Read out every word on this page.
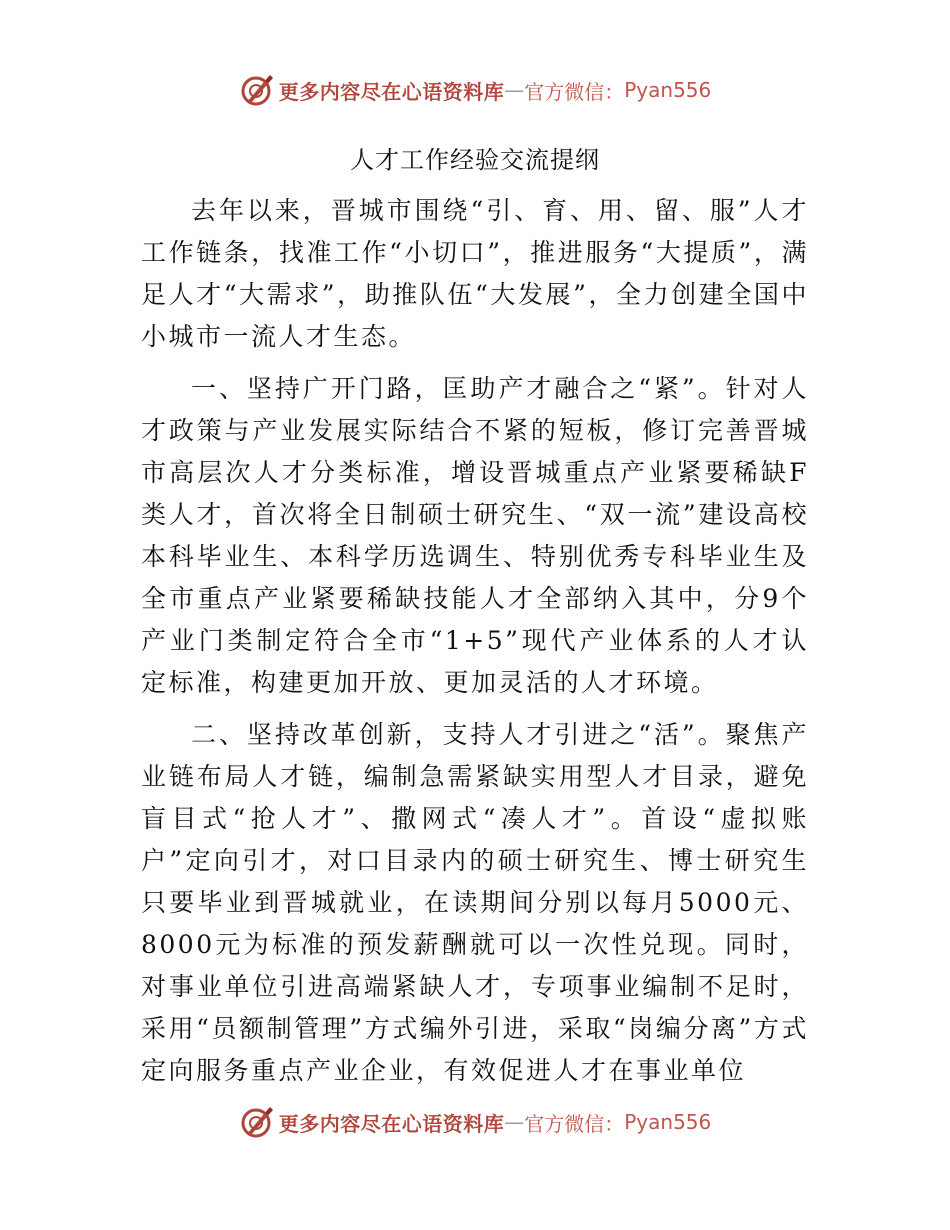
更多内容尽在心语资料库 — 官方微信： Pyan556
人才工作经验交流提纲

去年以来，晋城市围绕“引、育、用、留、服”人才工作链条，找准工作“小切口”，推进服务“大提质”，满足人才“大需求”，助推队伍“大发展”，全力创建全国中小城市一流人才生态。

一、坚持广开门路，匡助产才融合之“紧”。针对人才政策与产业发展实际结合不紧的短板，修订完善晋城市高层次人才分类标准，增设晋城重点产业紧要稀缺F类人才，首次将全日制硕士研究生、“双一流”建设高校本科毕业生、本科学历选调生、特别优秀专科毕业生及全市重点产业紧要稀缺技能人才全部纳入其中，分9个产业门类制定符合全市“1+5”现代产业体系的人才认定标准，构建更加开放、更加灵活的人才环境。

二、坚持改革创新，支持人才引进之“活”。聚焦产业链布局人才链，编制急需紧缺实用型人才目录，避免盲目式“抢人才”、撒网式“凑人才”。首设“虚拟账户”定向引才，对口目录内的硕士研究生、博士研究生只要毕业到晋城就业，在读期间分别以每月5000元、8000元为标准的预发薪酬就可以一次性兑现。同时，对事业单位引进高端紧缺人才，专项事业编制不足时，采用“员额制管理”方式编外引进，采取“岗编分离”方式定向服务重点产业企业，有效促进人才在事业单位

更多内容尽在心语资料库 — 官方微信： Pyan556
